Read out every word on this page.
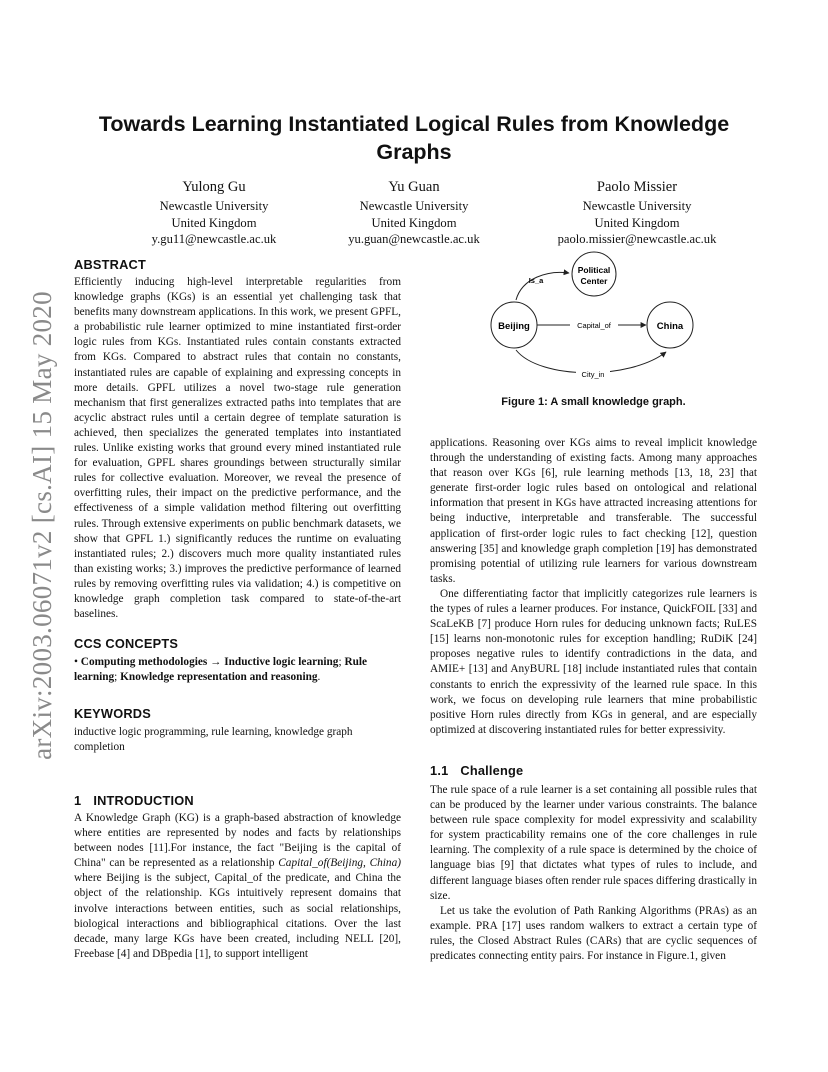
arXiv:2003.06071v2 [cs.AI] 15 May 2020
Towards Learning Instantiated Logical Rules from Knowledge Graphs
Yulong Gu
Newcastle University
United Kingdom
y.gu11@newcastle.ac.uk
Yu Guan
Newcastle University
United Kingdom
yu.guan@newcastle.ac.uk
Paolo Missier
Newcastle University
United Kingdom
paolo.missier@newcastle.ac.uk
ABSTRACT

Efficiently inducing high-level interpretable regularities from knowledge graphs (KGs) is an essential yet challenging task that benefits many downstream applications. In this work, we present GPFL, a probabilistic rule learner optimized to mine instantiated first-order logic rules from KGs. Instantiated rules contain constants extracted from KGs. Compared to abstract rules that contain no constants, instantiated rules are capable of explaining and expressing concepts in more details. GPFL utilizes a novel two-stage rule generation mechanism that first generalizes extracted paths into templates that are acyclic abstract rules until a certain degree of template saturation is achieved, then specializes the generated templates into instantiated rules. Unlike existing works that ground every mined instantiated rule for evaluation, GPFL shares groundings between structurally similar rules for collective evaluation. Moreover, we reveal the presence of overfitting rules, their impact on the predictive performance, and the effectiveness of a simple validation method filtering out overfitting rules. Through extensive experiments on public benchmark datasets, we show that GPFL 1.) significantly reduces the runtime on evaluating instantiated rules; 2.) discovers much more quality instantiated rules than existing works; 3.) improves the predictive performance of learned rules by removing overfitting rules via validation; 4.) is competitive on knowledge graph completion task compared to state-of-the-art baselines.

CCS CONCEPTS

• Computing methodologies → Inductive logic learning; Rule learning; Knowledge representation and reasoning.

KEYWORDS

inductive logic programming, rule learning, knowledge graph completion

1 INTRODUCTION

A Knowledge Graph (KG) is a graph-based abstraction of knowledge where entities are represented by nodes and facts by relationships between nodes [11].For instance, the fact "Beijing is the capital of China" can be represented as a relationship Capital_of(Beijing, China) where Beijing is the subject, Capital_of the predicate, and China the object of the relationship. KGs intuitively represent domains that involve interactions between entities, such as social relationships, biological interactions and bibliographical citations. Over the last decade, many large KGs have been created, including NELL [20], Freebase [4] and DBpedia [1], to support intelligent

Beijing	China
Political
Center
Is_a
Capital_of
City_in

Figure 1: A small knowledge graph.

applications. Reasoning over KGs aims to reveal implicit knowledge through the understanding of existing facts. Among many approaches that reason over KGs [6], rule learning methods [13, 18, 23] that generate first-order logic rules based on ontological and relational information that present in KGs have attracted increasing attentions for being inductive, interpretable and transferable. The successful application of first-order logic rules to fact checking [12], question answering [35] and knowledge graph completion [19] has demonstrated promising potential of utilizing rule learners for various downstream tasks.

One differentiating factor that implicitly categorizes rule learners is the types of rules a learner produces. For instance, QuickFOIL [33] and ScaLeKB [7] produce Horn rules for deducing unknown facts; RuLES [15] learns non-monotonic rules for exception handling; RuDiK [24] proposes negative rules to identify contradictions in the data, and AMIE+ [13] and AnyBURL [18] include instantiated rules that contain constants to enrich the expressivity of the learned rule space. In this work, we focus on developing rule learners that mine probabilistic positive Horn rules directly from KGs in general, and are especially optimized at discovering instantiated rules for better expressivity.

1.1 Challenge

The rule space of a rule learner is a set containing all possible rules that can be produced by the learner under various constraints. The balance between rule space complexity for model expressivity and scalability for system practicability remains one of the core challenges in rule learning. The complexity of a rule space is determined by the choice of language bias [9] that dictates what types of rules to include, and different language biases often render rule spaces differing drastically in size.

Let us take the evolution of Path Ranking Algorithms (PRAs) as an example. PRA [17] uses random walkers to extract a certain type of rules, the Closed Abstract Rules (CARs) that are cyclic sequences of predicates connecting entity pairs. For instance in Figure.1, given
